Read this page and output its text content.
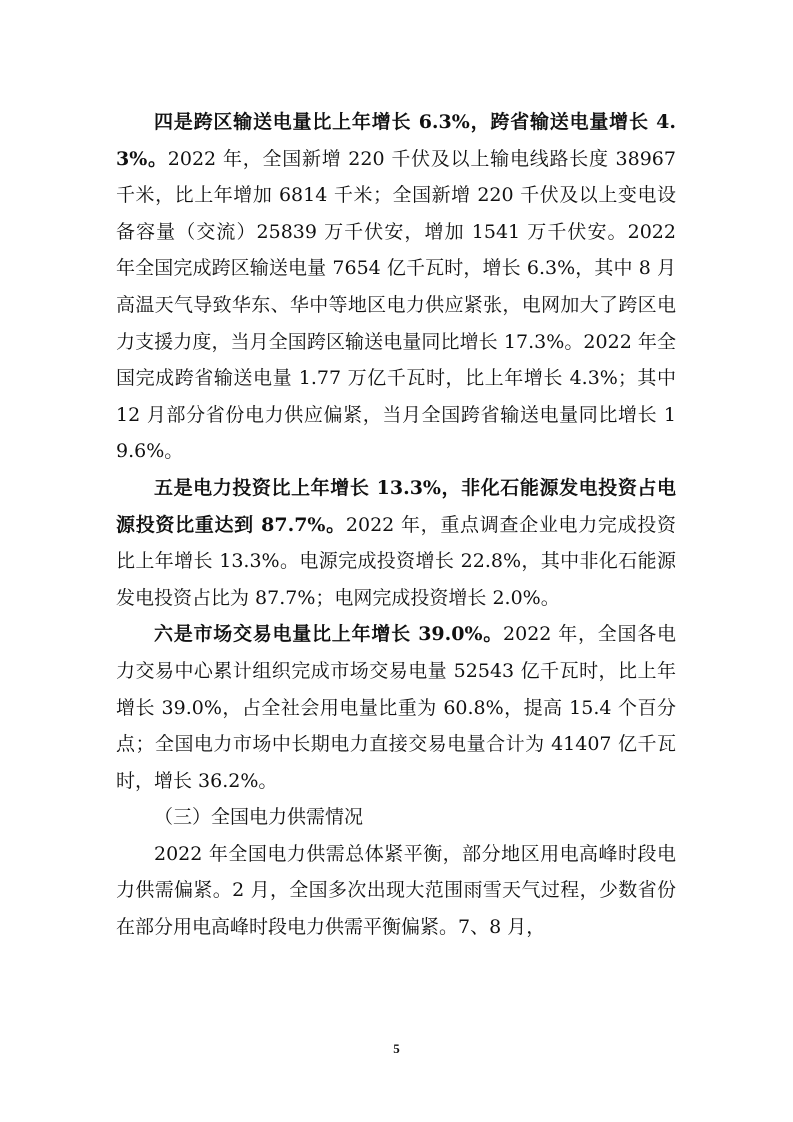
四是跨区输送电量比上年增长 6.3%，跨省输送电量增长 4.3%。2022 年，全国新增 220 千伏及以上输电线路长度 38967 千米，比上年增加 6814 千米；全国新增 220 千伏及以上变电设备容量（交流）25839 万千伏安，增加 1541 万千伏安。2022 年全国完成跨区输送电量 7654 亿千瓦时，增长 6.3%，其中 8 月高温天气导致华东、华中等地区电力供应紧张，电网加大了跨区电力支援力度，当月全国跨区输送电量同比增长 17.3%。2022 年全国完成跨省输送电量 1.77 万亿千瓦时，比上年增长 4.3%；其中 12 月部分省份电力供应偏紧，当月全国跨省输送电量同比增长 19.6%。

五是电力投资比上年增长 13.3%，非化石能源发电投资占电源投资比重达到 87.7%。2022 年，重点调查企业电力完成投资比上年增长 13.3%。电源完成投资增长 22.8%，其中非化石能源发电投资占比为 87.7%；电网完成投资增长 2.0%。

六是市场交易电量比上年增长 39.0%。2022 年，全国各电力交易中心累计组织完成市场交易电量 52543 亿千瓦时，比上年增长 39.0%，占全社会用电量比重为 60.8%，提高 15.4 个百分点；全国电力市场中长期电力直接交易电量合计为 41407 亿千瓦时，增长 36.2%。

（三）全国电力供需情况

2022 年全国电力供需总体紧平衡，部分地区用电高峰时段电力供需偏紧。2 月，全国多次出现大范围雨雪天气过程，少数省份在部分用电高峰时段电力供需平衡偏紧。7、8 月，

5
